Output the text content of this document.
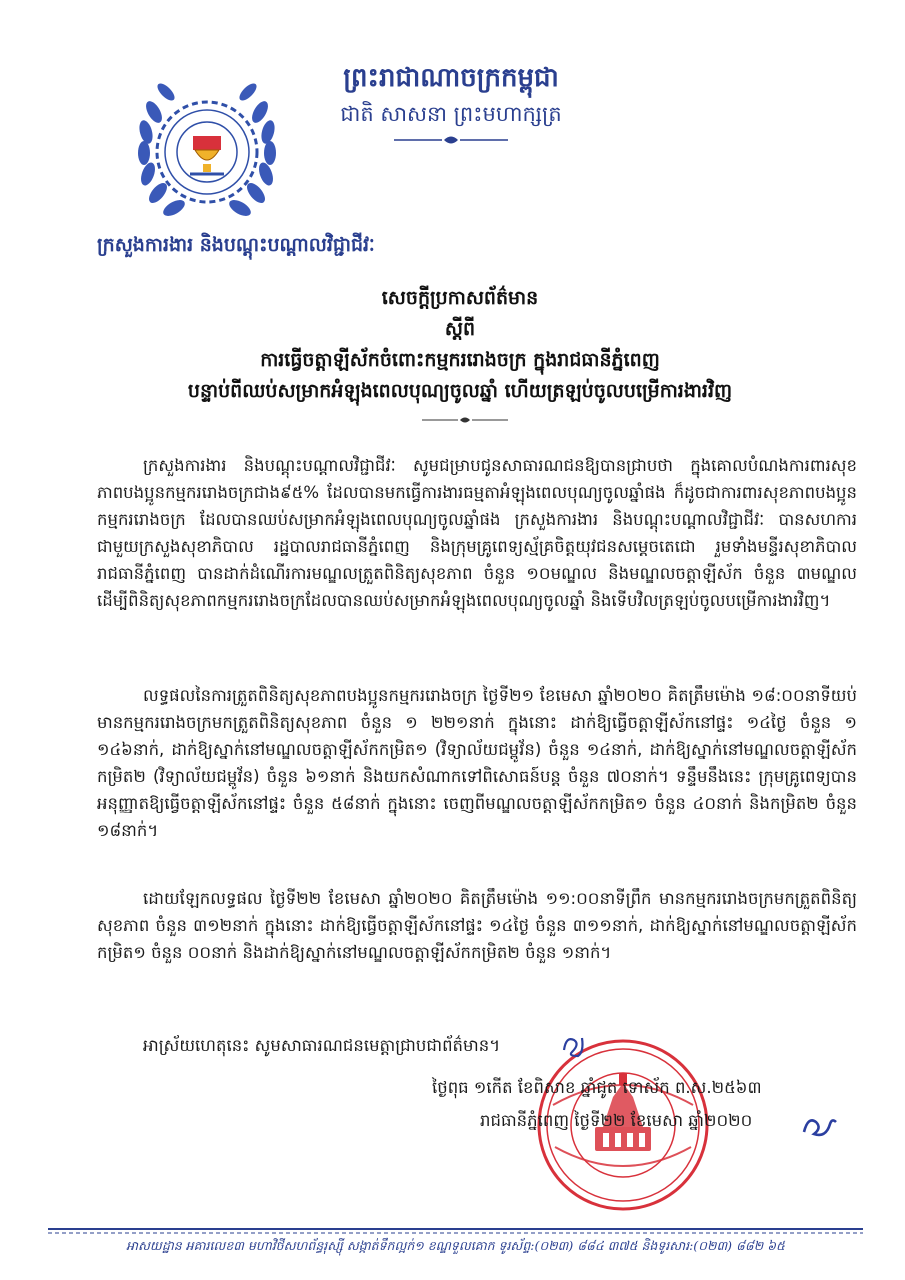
ព្រះរាជាណាចក្រកម្ពុជា
ជាតិ សាសនា ព្រះមហាក្សត្រ
ក្រសួងការងារ និងបណ្តុះបណ្តាលវិជ្ជាជីវៈ
សេចក្តីប្រកាសព័ត៌មាន
ស្តីពី
ការធ្វើចត្តាឡីស័កចំពោះកម្មកររោងចក្រ ក្នុងរាជធានីភ្នំពេញ
បន្ទាប់ពីឈប់សម្រាកអំឡុងពេលបុណ្យចូលឆ្នាំ ហើយត្រឡប់ចូលបម្រើការងារវិញ
ក្រសួងការងារ និងបណ្តុះបណ្តាលវិជ្ជាជីវៈ សូមជម្រាបជូនសាធារណជនឱ្យបានជ្រាបថា ក្នុងគោលបំណងការពារសុខភាពបងប្អូនកម្មកររោងចក្រជាង៩៥% ដែលបានមកធ្វើការងារធម្មតាអំឡុងពេលបុណ្យចូលឆ្នាំផង ក៏ដូចជាការពារសុខភាពបងប្អូនកម្មកររោងចក្រ ដែលបានឈប់សម្រាកអំឡុងពេលបុណ្យចូលឆ្នាំផង ក្រសួងការងារ និងបណ្តុះបណ្តាលវិជ្ជាជីវៈ បានសហការជាមួយក្រសួងសុខាភិបាល រដ្ឋបាលរាជធានីភ្នំពេញ និងក្រុមគ្រូពេទ្យស្ម័គ្រចិត្តយុវជនសម្តេចតេជោ រួមទាំងមន្ទីរសុខាភិបាលរាជធានីភ្នំពេញ បានដាក់ដំណើរការមណ្ឌលត្រួតពិនិត្យសុខភាព ចំនួន ១០មណ្ឌល និងមណ្ឌលចត្តាឡីស័ក ចំនួន ៣មណ្ឌល ដើម្បីពិនិត្យសុខភាពកម្មកររោងចក្រដែលបានឈប់សម្រាកអំឡុងពេលបុណ្យចូលឆ្នាំ និងទើបវិលត្រឡប់ចូលបម្រើការងារវិញ។
លទ្ធផលនៃការត្រួតពិនិត្យសុខភាពបងប្អូនកម្មកររោងចក្រ ថ្ងៃទី២១ ខែមេសា ឆ្នាំ២០២០ គិតត្រឹមម៉ោង ១៨:០០នាទីយប់ មានកម្មកររោងចក្រមកត្រួតពិនិត្យសុខភាព ចំនួន ១ ២២១នាក់ ក្នុងនោះ ដាក់ឱ្យធ្វើចត្តាឡីស័កនៅផ្ទះ ១៤ថ្ងៃ ចំនួន ១ ១៤៦នាក់, ដាក់ឱ្យស្នាក់នៅមណ្ឌលចត្តាឡីស័កកម្រិត១ (វិទ្យាល័យជម្ពូវ័ន) ចំនួន ១៤នាក់, ដាក់ឱ្យស្នាក់នៅមណ្ឌលចត្តាឡីស័កកម្រិត២ (វិទ្យាល័យជម្ពូវ័ន) ចំនួន ៦១នាក់ និងយកសំណាកទៅពិសោធន៍បន្ត ចំនួន ៧០នាក់។ ទន្ទឹមនឹងនេះ ក្រុមគ្រូពេទ្យបានអនុញ្ញាតឱ្យធ្វើចត្តាឡីស័កនៅផ្ទះ ចំនួន ៥៨នាក់ ក្នុងនោះ ចេញពីមណ្ឌលចត្តាឡីស័កកម្រិត១ ចំនួន ៤០នាក់ និងកម្រិត២ ចំនួន ១៨នាក់។
ដោយឡែកលទ្ធផល ថ្ងៃទី២២ ខែមេសា ឆ្នាំ២០២០ គិតត្រឹមម៉ោង ១១:០០នាទីព្រឹក មានកម្មកររោងចក្រមកត្រួតពិនិត្យសុខភាព ចំនួន ៣១២នាក់ ក្នុងនោះ ដាក់ឱ្យធ្វើចត្តាឡីស័កនៅផ្ទះ ១៤ថ្ងៃ ចំនួន ៣១១នាក់, ដាក់ឱ្យស្នាក់នៅមណ្ឌលចត្តាឡីស័កកម្រិត១ ចំនួន ០០នាក់ និងដាក់ឱ្យស្នាក់នៅមណ្ឌលចត្តាឡីស័កកម្រិត២ ចំនួន ១នាក់។
អាស្រ័យហេតុនេះ សូមសាធារណជនមេត្តាជ្រាបជាព័ត៌មាន។
ថ្ងៃពុធ ១កើត ខែពិសាខ ឆ្នាំជូត ទោស័ក ព.ស.២៥៦៣
រាជធានីភ្នំពេញ ថ្ងៃទី២២ ខែមេសា ឆ្នាំ២០២០
អាសយដ្ឋាន អគារលេខ៣ មហាវិថីសហព័ន្ធរុស្ស៊ី សង្កាត់ទឹកល្អក់១ ខណ្ឌទួលគោក ទូរស័ព្ទ:(០២៣) ៨៨៤ ៣៧៥ និងទូរសារ:(០២៣) ៨៨២ ៦៥
